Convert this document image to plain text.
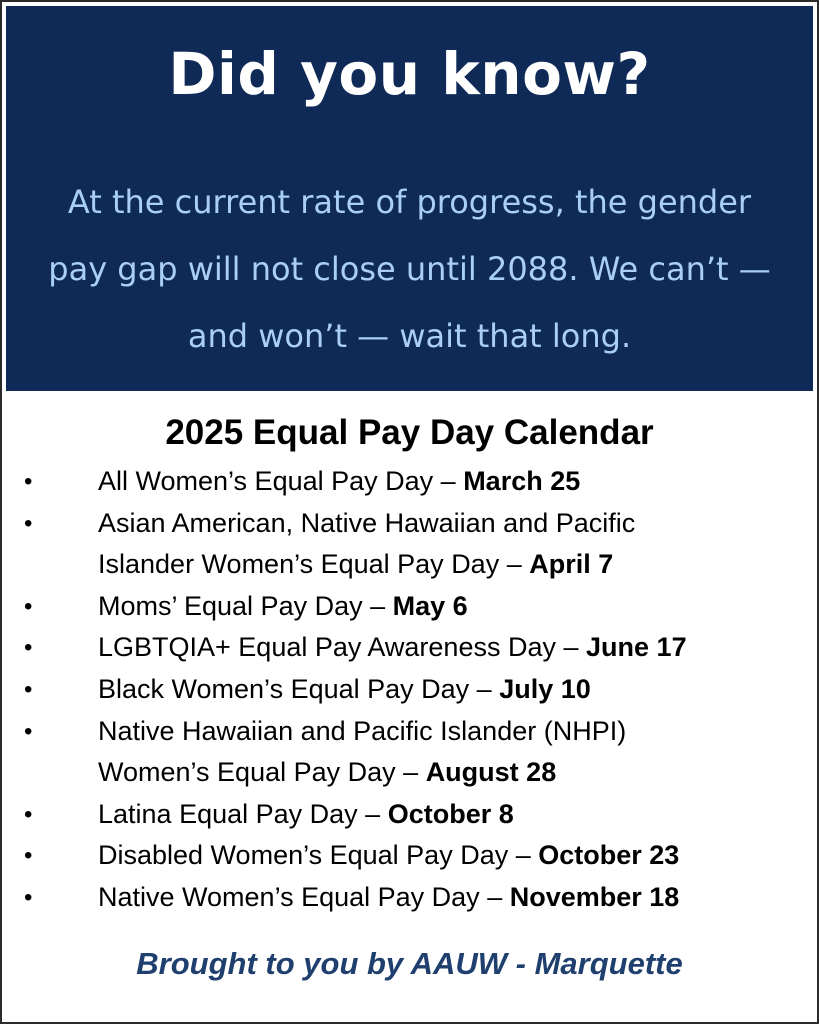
Did you know?
At the current rate of progress, the gender
pay gap will not close until 2088. We can’t —
and won’t — wait that long.
2025 Equal Pay Day Calendar
• All Women’s Equal Pay Day – March 25
• Asian American, Native Hawaiian and Pacific
Islander Women’s Equal Pay Day – April 7
• Moms’ Equal Pay Day – May 6
• LGBTQIA+ Equal Pay Awareness Day – June 17
• Black Women’s Equal Pay Day – July 10
• Native Hawaiian and Pacific Islander (NHPI)
Women’s Equal Pay Day – August 28
• Latina Equal Pay Day – October 8
• Disabled Women’s Equal Pay Day – October 23
• Native Women’s Equal Pay Day – November 18
Brought to you by AAUW - Marquette
